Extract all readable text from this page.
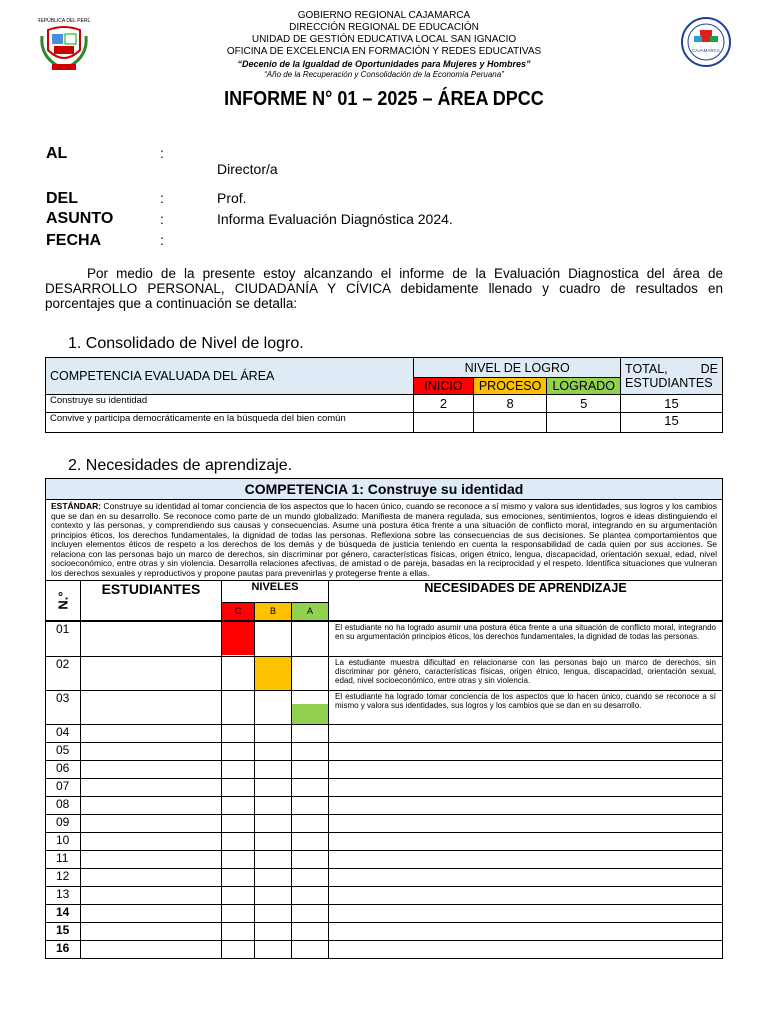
REPÚBLICA DEL PERÚ
CAJAMARCA
GOBIERNO REGIONAL CAJAMARCA
DIRECCIÓN REGIONAL DE EDUCACIÓN
UNIDAD DE GESTIÓN EDUCATIVA LOCAL SAN IGNACIO
OFICINA DE EXCELENCIA EN FORMACIÓN Y REDES EDUCATIVAS
“Decenio de la Igualdad de Oportunidades para Mujeres y Hombres”
“Año de la Recuperación y Consolidación de la Economía Peruana”
INFORME N° 01 – 2025 – ÁREA DPCC
AL	:
Director/a
DEL	:	Prof.
ASUNTO	:	Informa Evaluación Diagnóstica 2024.
FECHA	:
Por medio de la presente estoy alcanzando el informe de la Evaluación Diagnostica del área de DESARROLLO PERSONAL, CIUDADANÍA Y CÍVICA debidamente llenado y cuadro de resultados en porcentajes que a continuación se detalla:
1. Consolidado de Nivel de logro.
COMPETENCIA EVALUADA DEL ÁREA	NIVEL DE LOGRO			TOTAL, DE ESTUDIANTES
	INICIO	PROCESO	LOGRADO	
Construye su identidad	2	8	5	15
Convive y participa democráticamente en la búsqueda del bien común				15
2. Necesidades de aprendizaje.
COMPETENCIA 1: Construye su identidad					
ESTÁNDAR: Construye su identidad al tomar conciencia de los aspectos que lo hacen único, cuando se reconoce a sí mismo y valora sus identidades, sus logros y los cambios que se dan en su desarrollo. Se reconoce como parte de un mundo globalizado. Manifiesta de manera regulada, sus emociones, sentimientos, logros e ideas distinguiendo el contexto y las personas, y comprendiendo sus causas y consecuencias. Asume una postura ética frente a una situación de conflicto moral, integrando en su argumentación principios éticos, los derechos fundamentales, la dignidad de todas las personas. Reflexiona sobre las consecuencias de sus decisiones. Se plantea comportamientos que incluyen elementos éticos de respeto a los derechos de los demás y de búsqueda de justicia teniendo en cuenta la responsabilidad de cada quien por sus acciones. Se relaciona con las personas bajo un marco de derechos, sin discriminar por género, características físicas, origen étnico, lengua, discapacidad, orientación sexual, edad, nivel socioeconómico, entre otras y sin violencia. Desarrolla relaciones afectivas, de amistad o de pareja, basadas en la reciprocidad y el respeto. Identifica situaciones que vulneran los derechos sexuales y reproductivos y propone pautas para prevenirlas y protegerse frente a ellas.					

N.°	ESTUDIANTES	NIVELES			NECESIDADES DE APRENDIZAJE
		C	B	A	
01					El estudiante no ha logrado asumir una postura ética frente a una situación de conflicto moral, integrando en su argumentación principios éticos, los derechos fundamentales, la dignidad de todas las personas.
02					La estudiante muestra dificultad en relacionarse con las personas bajo un marco de derechos, sin discriminar por género, características físicas, origen étnico, lengua, discapacidad, orientación sexual, edad, nivel socioeconómico, entre otras y sin violencia.
03					El estudiante ha logrado tomar conciencia de los aspectos que lo hacen único, cuando se reconoce a sí mismo y valora sus identidades, sus logros y los cambios que se dan en su desarrollo.
04					
05					
06					
07					
08					
09					
10					
11					
12					
13					
14					
15					
16					
